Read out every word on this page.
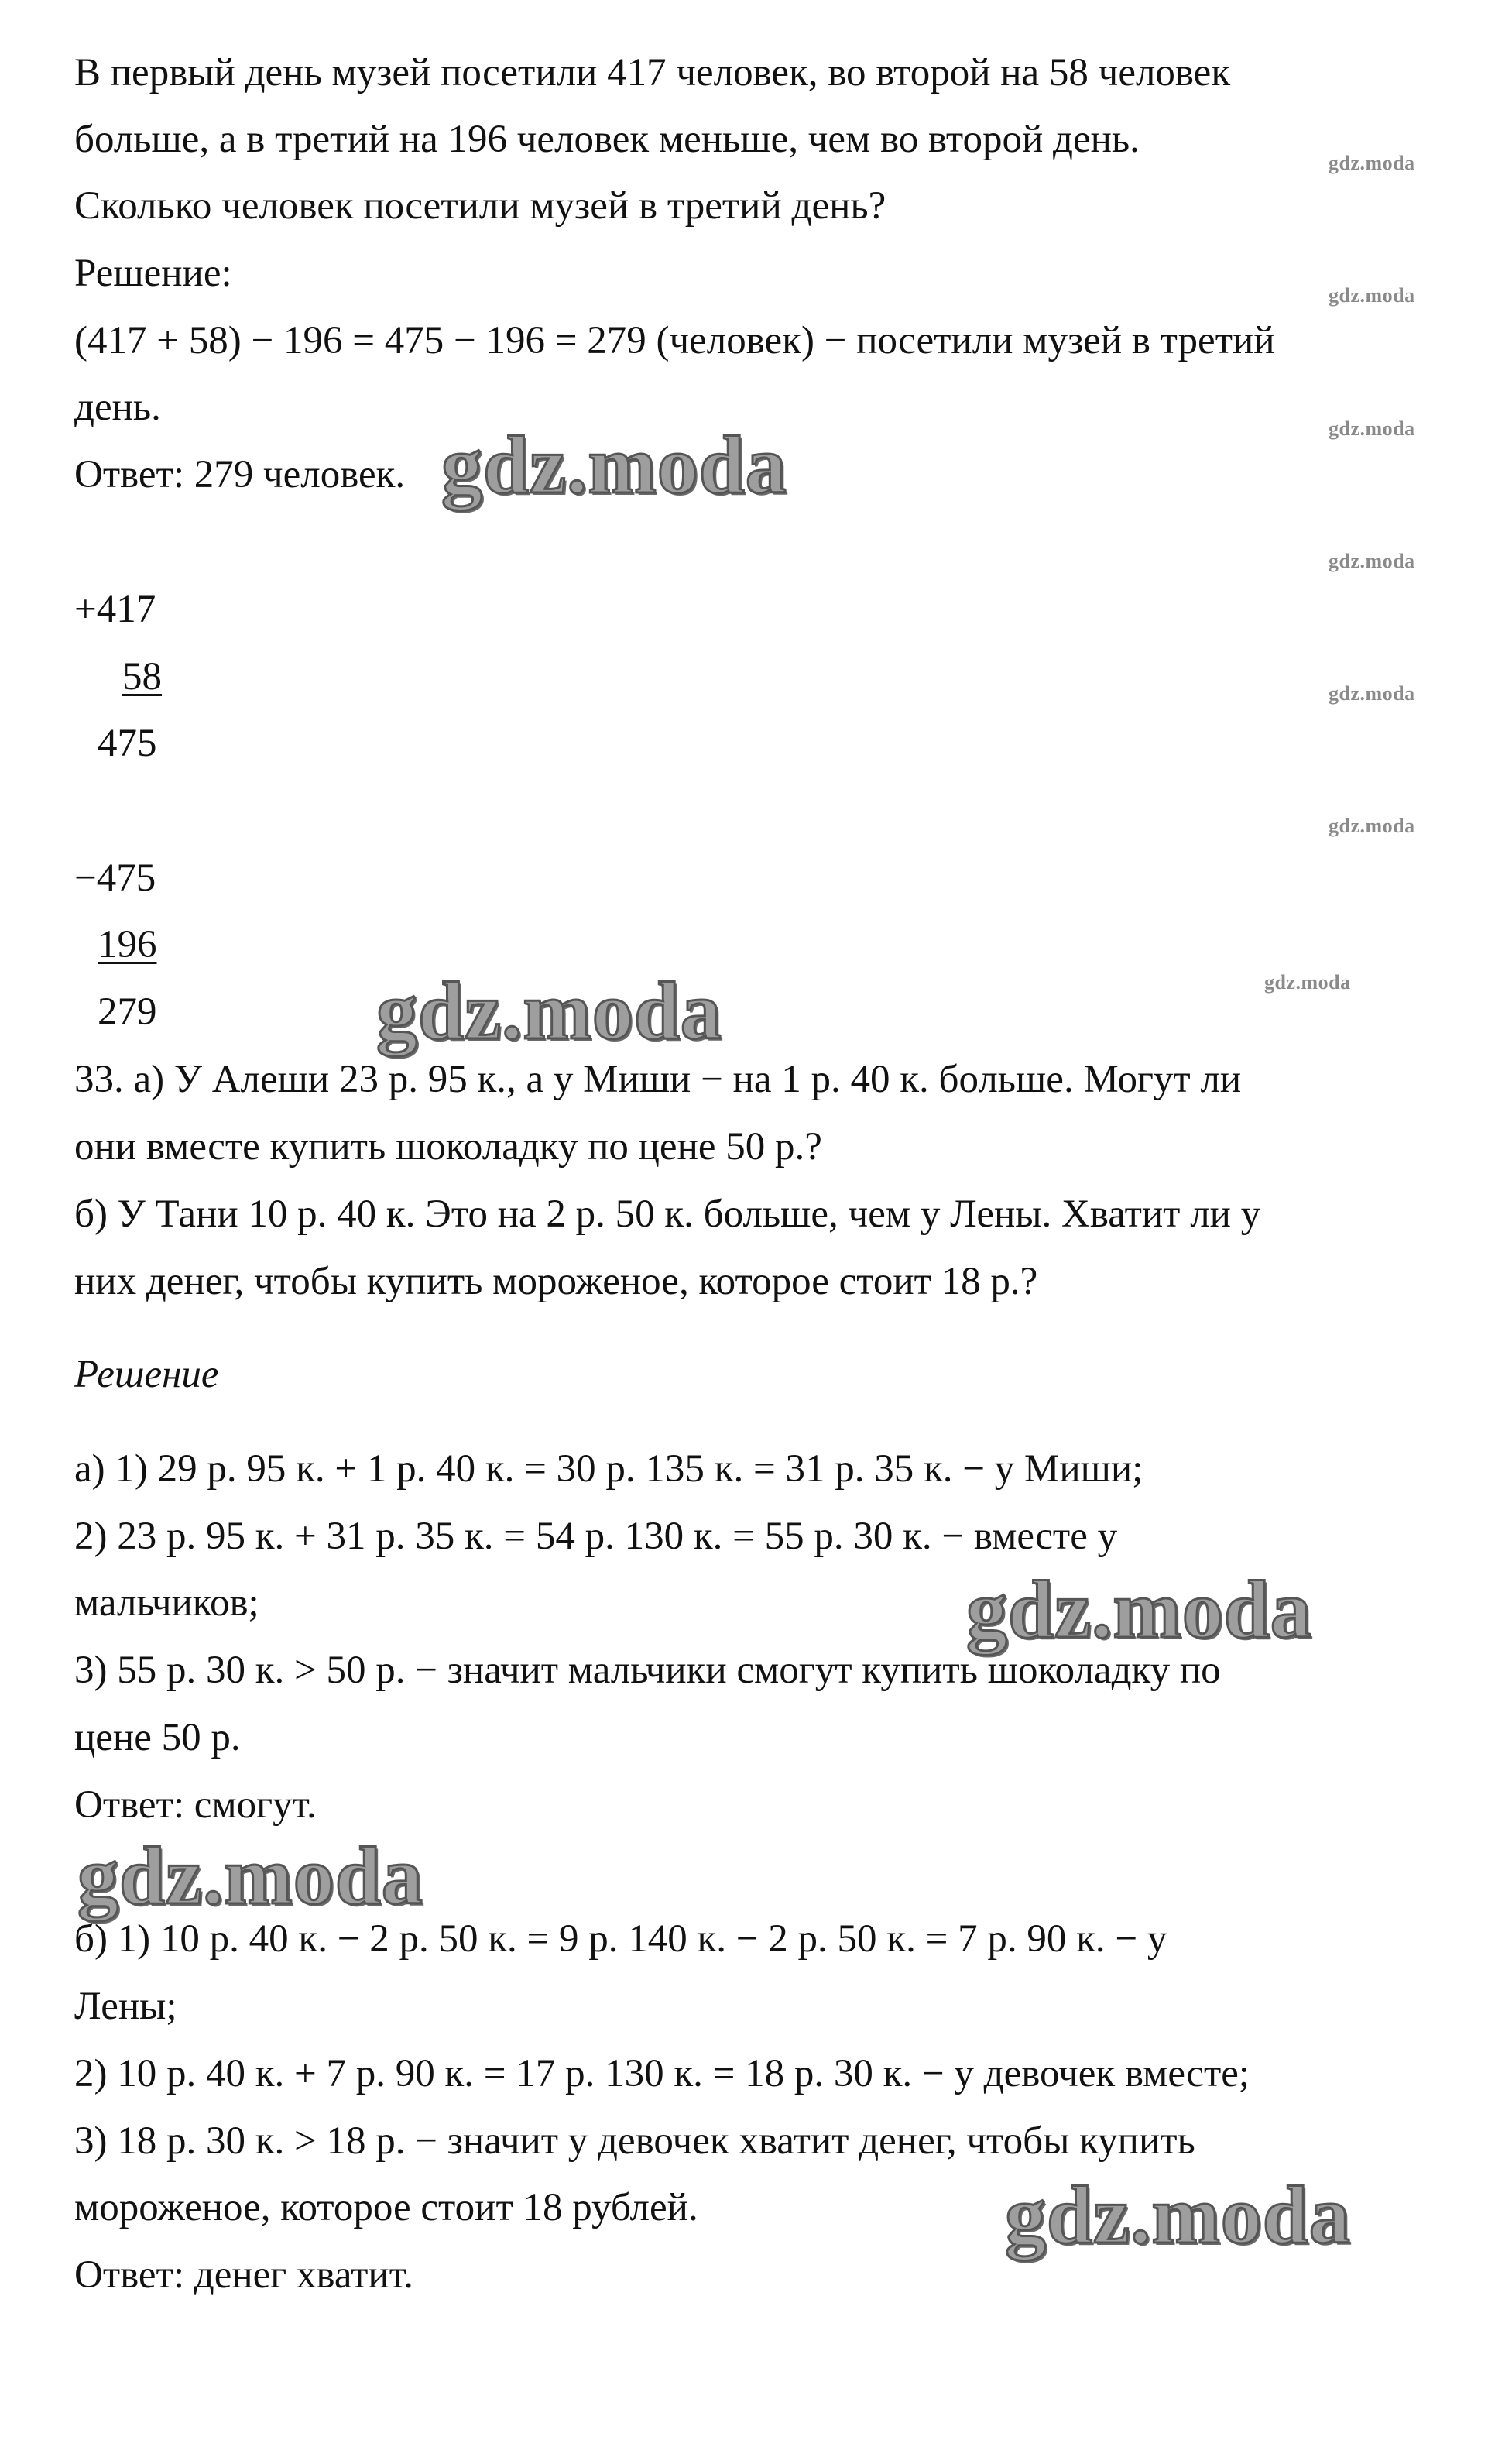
В первый день музей посетили 417 человек, во второй на 58 человек
больше, а в третий на 196 человек меньше, чем во второй день.
Сколько человек посетили музей в третий день?
Решение:
(417 + 58) − 196 = 475 − 196 = 279 (человек) − посетили музей в третий
день.
Ответ: 279 человек.
+417
58
475
−475
196
279
33. а) У Алеши 23 р. 95 к., а у Миши − на 1 р. 40 к. больше. Могут ли
они вместе купить шоколадку по цене 50 р.?
б) У Тани 10 р. 40 к. Это на 2 р. 50 к. больше, чем у Лены. Хватит ли у
них денег, чтобы купить мороженое, которое стоит 18 р.?
Решение
а) 1) 29 р. 95 к. + 1 р. 40 к. = 30 р. 135 к. = 31 р. 35 к. − у Миши;
2) 23 р. 95 к. + 31 р. 35 к. = 54 р. 130 к. = 55 р. 30 к. − вместе у
мальчиков;
3) 55 р. 30 к. > 50 р. − значит мальчики смогут купить шоколадку по
цене 50 р.
Ответ: смогут.
б) 1) 10 р. 40 к. − 2 р. 50 к. = 9 р. 140 к. − 2 р. 50 к. = 7 р. 90 к. − у
Лены;
2) 10 р. 40 к. + 7 р. 90 к. = 17 р. 130 к. = 18 р. 30 к. − у девочек вместе;
3) 18 р. 30 к. > 18 р. − значит у девочек хватит денег, чтобы купить
мороженое, которое стоит 18 рублей.
Ответ: денег хватит.
gdz.moda
gdz.moda
gdz.moda
gdz.moda
gdz.moda
gdz.moda
gdz.moda
gdz.moda
gdz.moda
gdz.moda
gdz.moda
gdz.moda
